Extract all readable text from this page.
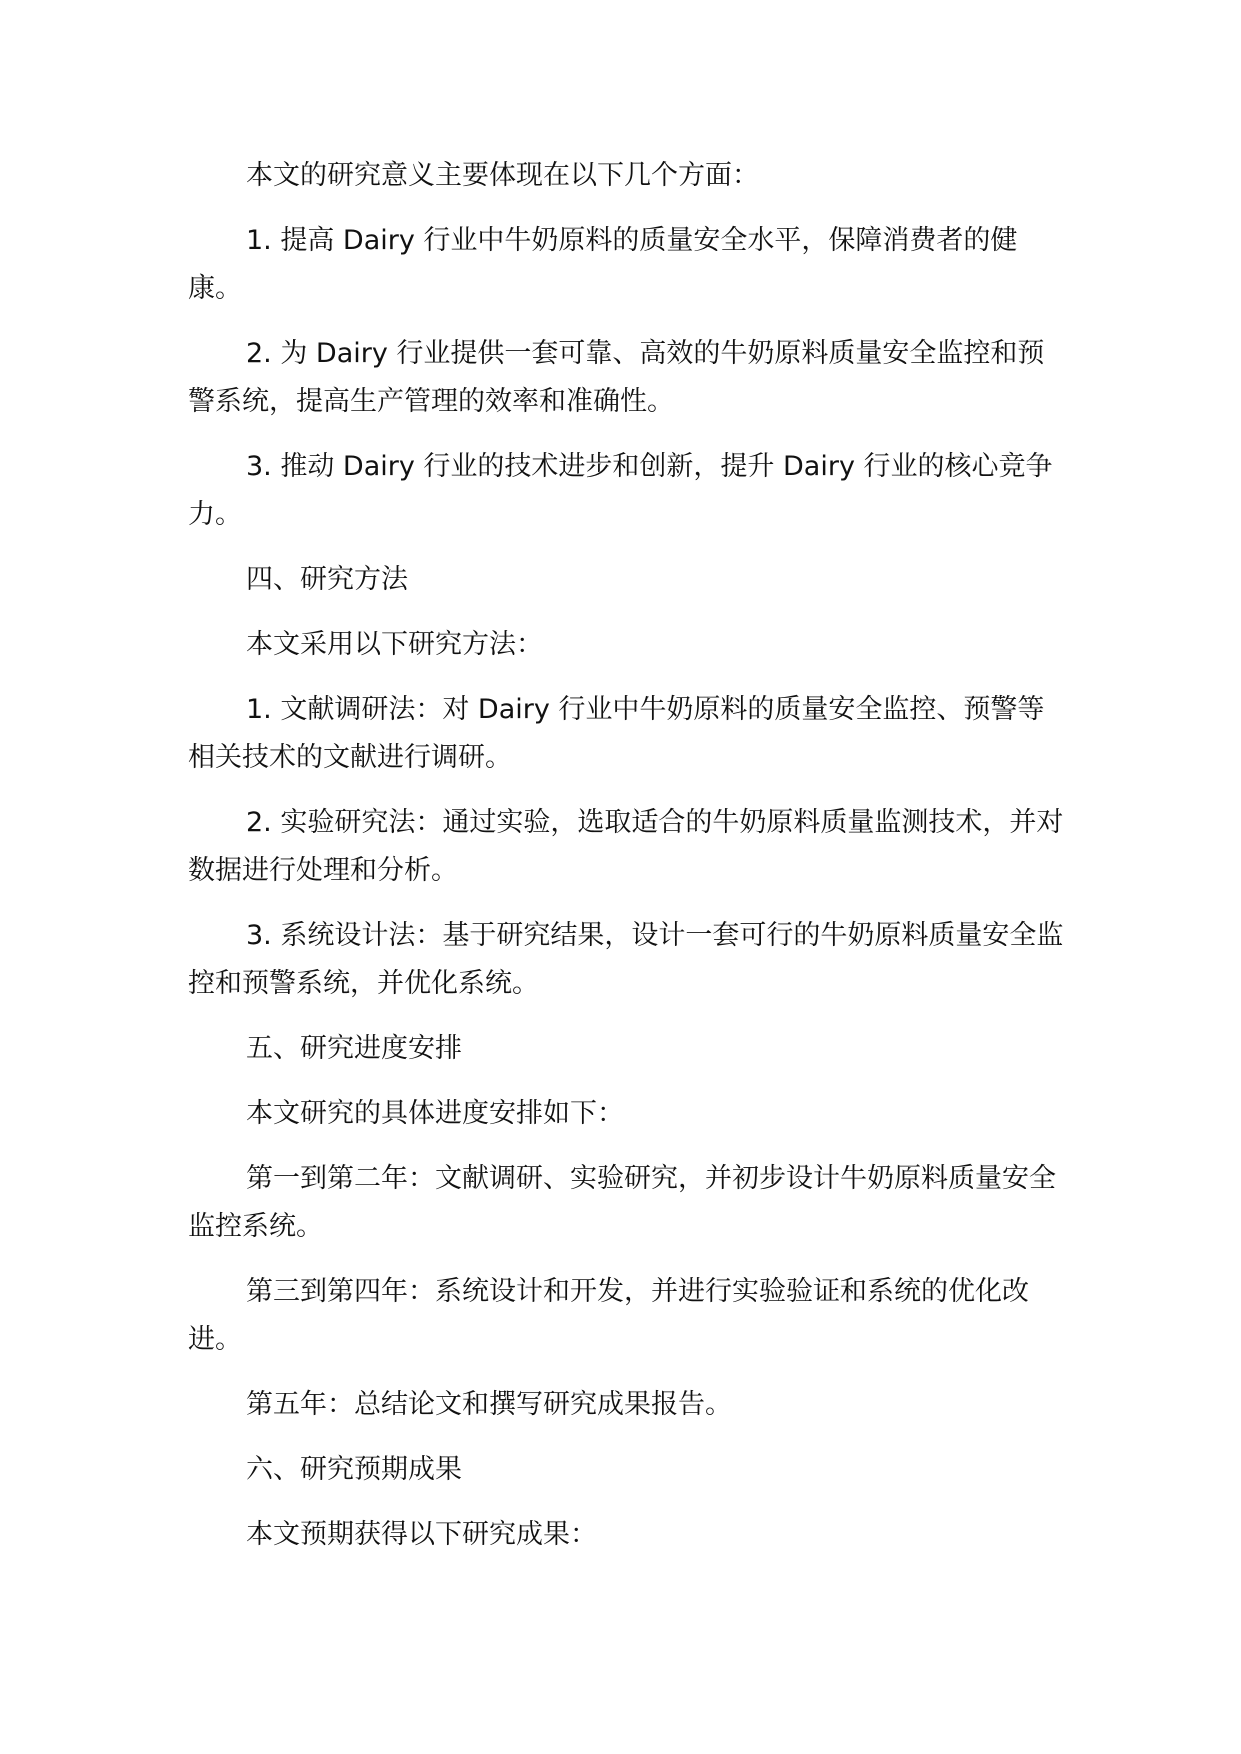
本文的研究意义主要体现在以下几个方面：

1. 提高 Dairy 行业中牛奶原料的质量安全水平，保障消费者的健康。

2. 为 Dairy 行业提供一套可靠、高效的牛奶原料质量安全监控和预警系统，提高生产管理的效率和准确性。

3. 推动 Dairy 行业的技术进步和创新，提升 Dairy 行业的核心竞争力。

四、研究方法

本文采用以下研究方法：

1. 文献调研法：对 Dairy 行业中牛奶原料的质量安全监控、预警等相关技术的文献进行调研。

2. 实验研究法：通过实验，选取适合的牛奶原料质量监测技术，并对数据进行处理和分析。

3. 系统设计法：基于研究结果，设计一套可行的牛奶原料质量安全监控和预警系统，并优化系统。

五、研究进度安排

本文研究的具体进度安排如下：

第一到第二年：文献调研、实验研究，并初步设计牛奶原料质量安全监控系统。

第三到第四年：系统设计和开发，并进行实验验证和系统的优化改进。

第五年：总结论文和撰写研究成果报告。

六、研究预期成果

本文预期获得以下研究成果：
